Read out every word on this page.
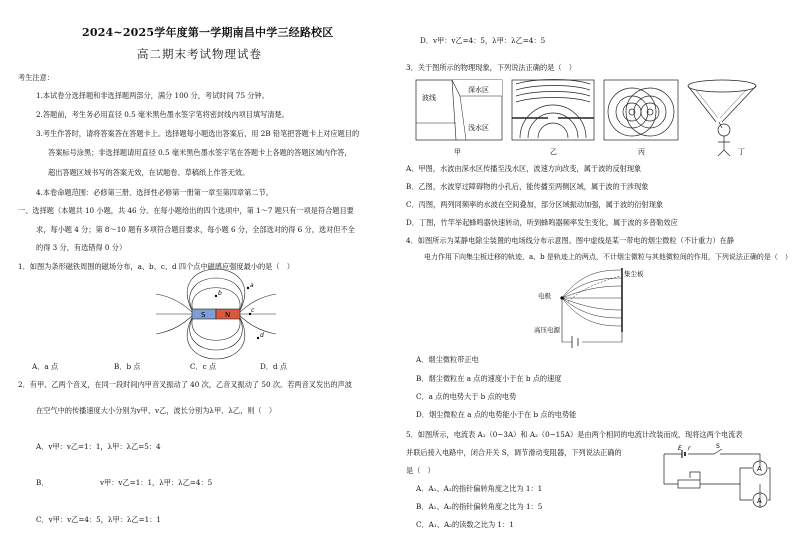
2024~2025学年度第一学期南昌中学三经路校区
高二期末考试物理试卷
考生注意：
1.本试卷分选择题和非选择题两部分，满分 100 分，考试时间 75 分钟。
2.答题前，考生务必用直径 0.5 毫米黑色墨水签字笔将密封线内项目填写清楚。
3.考生作答时，请将答案答在答题卡上。选择题每小题选出答案后，用 2B 铅笔把答题卡上对应题目的
答案标号涂黑；非选择题请用直径 0.5 毫米黑色墨水签字笔在答题卡上各题的答题区域内作答，
超出答题区域书写的答案无效，在试题卷、草稿纸上作答无效。
4.本卷命题范围：必修第三册、选择性必修第一册第一章至第四章第二节。
一、选择题（本题共 10 小题，共 46 分。在每小题给出的四个选项中，第 1～7 题只有一项是符合题目要
求，每小题 4 分；第 8～10 题有多项符合题目要求，每小题 6 分，全部选对的得 6 分，选对但不全
的得 3 分，有选错得 0 分）
1．如图为条形磁铁周围的磁场分布，a、b、c、d 四个点中磁感应强度最小的是（　）
S	N
a
b
c
d
A．a 点	B．b 点	C．c 点	D．d 点
2．有甲、乙两个音叉，在同一段时间内甲音叉振动了 40 次，乙音叉振动了 50 次。若两音叉发出的声波
在空气中的传播速度大小分别为v甲、v乙，波长分别为λ甲、λ乙，则（　）
A．v甲：v乙=1：1，λ甲：λ乙=5：4
B．	v甲：v乙=1：1，λ甲：λ乙=4：5
C．v甲：v乙=4：5，λ甲：λ乙=1：1
D．v甲：v乙=4：5，λ甲：λ乙=4：5
3．关于图所示的物理现象，下列说法正确的是（　）
波线
深水区
浅水区
甲	乙	丙	丁
A．甲图，水波由深水区传播至浅水区，波速方向改变，属于波的反射现象
B．乙图，水波穿过障碍物的小孔后，能传播至两侧区域，属于波的干涉现象
C．丙图，两列同频率的水波在空间叠加，部分区域振动加强，属于波的衍射现象
D．丁图，竹竿举起蜂鸣器快速转动，听到蜂鸣器频率发生变化，属于波的多普勒效应
4．如图所示为某静电除尘装置的电场线分布示意图。图中虚线是某一带电的烟尘微粒（不计重力）在静
电力作用下向集尘板迁移的轨迹，a、b 是轨迹上的两点，不计烟尘微粒与其他微粒间的作用，下列说法正确的是（　）
集尘板
电极
高压电源
A．烟尘微粒带正电
B．烟尘微粒在 a 点的速度小于在 b 点的速度
C．a 点的电势大于 b 点的电势
D．烟尘微粒在 a 点的电势能小于在 b 点的电势能
5．如图所示，电流表 A₁（0~3A）和 A₂（0~15A）是由两个相同的电流计改装而成，现将这两个电流表
并联后接入电路中，闭合开关 S，调节滑动变阻器，下列说法正确的
是（　）
A．A₁、A₂的指针偏转角度之比为 1：1
B．A₁、A₂的指针偏转角度之比为 1：5
C．A₁、A₂的读数之比为 1：1
A
A
E r	S
